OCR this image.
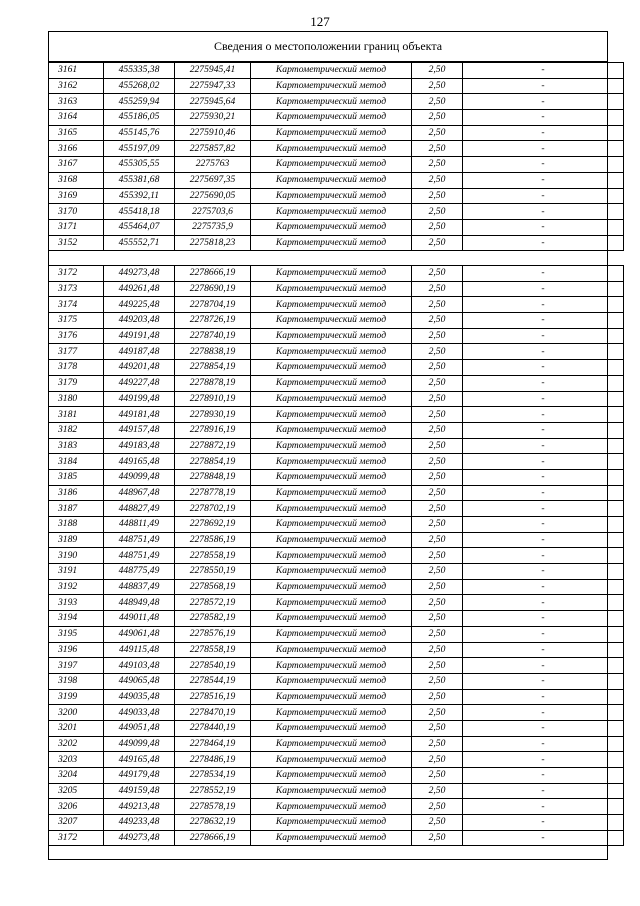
127
Сведения о местоположении границ объекта
3161	455335,38	2275945,41	Картометрический метод	2,50	-
3162	455268,02	2275947,33	Картометрический метод	2,50	-
3163	455259,94	2275945,64	Картометрический метод	2,50	-
3164	455186,05	2275930,21	Картометрический метод	2,50	-
3165	455145,76	2275910,46	Картометрический метод	2,50	-
3166	455197,09	2275857,82	Картометрический метод	2,50	-
3167	455305,55	2275763	Картометрический метод	2,50	-
3168	455381,68	2275697,35	Картометрический метод	2,50	-
3169	455392,11	2275690,05	Картометрический метод	2,50	-
3170	455418,18	2275703,6	Картометрический метод	2,50	-
3171	455464,07	2275735,9	Картометрический метод	2,50	-
3152	455552,71	2275818,23	Картометрический метод	2,50	-
3172	449273,48	2278666,19	Картометрический метод	2,50	-
3173	449261,48	2278690,19	Картометрический метод	2,50	-
3174	449225,48	2278704,19	Картометрический метод	2,50	-
3175	449203,48	2278726,19	Картометрический метод	2,50	-
3176	449191,48	2278740,19	Картометрический метод	2,50	-
3177	449187,48	2278838,19	Картометрический метод	2,50	-
3178	449201,48	2278854,19	Картометрический метод	2,50	-
3179	449227,48	2278878,19	Картометрический метод	2,50	-
3180	449199,48	2278910,19	Картометрический метод	2,50	-
3181	449181,48	2278930,19	Картометрический метод	2,50	-
3182	449157,48	2278916,19	Картометрический метод	2,50	-
3183	449183,48	2278872,19	Картометрический метод	2,50	-
3184	449165,48	2278854,19	Картометрический метод	2,50	-
3185	449099,48	2278848,19	Картометрический метод	2,50	-
3186	448967,48	2278778,19	Картометрический метод	2,50	-
3187	448827,49	2278702,19	Картометрический метод	2,50	-
3188	448811,49	2278692,19	Картометрический метод	2,50	-
3189	448751,49	2278586,19	Картометрический метод	2,50	-
3190	448751,49	2278558,19	Картометрический метод	2,50	-
3191	448775,49	2278550,19	Картометрический метод	2,50	-
3192	448837,49	2278568,19	Картометрический метод	2,50	-
3193	448949,48	2278572,19	Картометрический метод	2,50	-
3194	449011,48	2278582,19	Картометрический метод	2,50	-
3195	449061,48	2278576,19	Картометрический метод	2,50	-
3196	449115,48	2278558,19	Картометрический метод	2,50	-
3197	449103,48	2278540,19	Картометрический метод	2,50	-
3198	449065,48	2278544,19	Картометрический метод	2,50	-
3199	449035,48	2278516,19	Картометрический метод	2,50	-
3200	449033,48	2278470,19	Картометрический метод	2,50	-
3201	449051,48	2278440,19	Картометрический метод	2,50	-
3202	449099,48	2278464,19	Картометрический метод	2,50	-
3203	449165,48	2278486,19	Картометрический метод	2,50	-
3204	449179,48	2278534,19	Картометрический метод	2,50	-
3205	449159,48	2278552,19	Картометрический метод	2,50	-
3206	449213,48	2278578,19	Картометрический метод	2,50	-
3207	449233,48	2278632,19	Картометрический метод	2,50	-
3172	449273,48	2278666,19	Картометрический метод	2,50	-
